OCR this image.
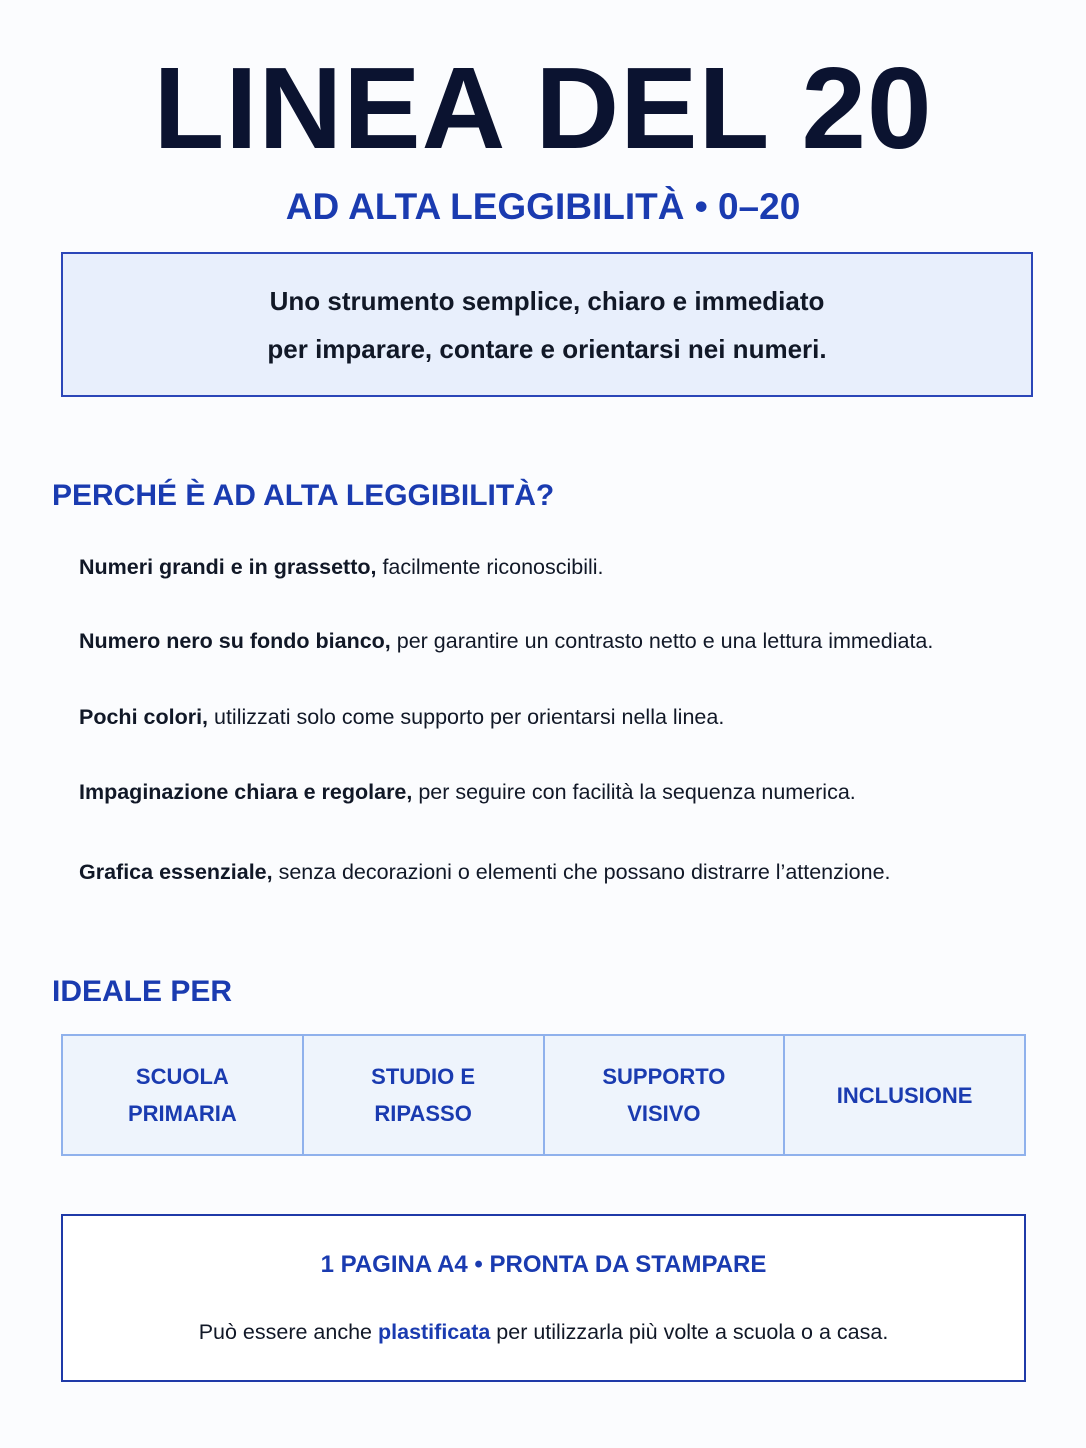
LINEA DEL 20
AD ALTA LEGGIBILITÀ • 0–20

Uno strumento semplice, chiaro e immediato

per imparare, contare e orientarsi nei numeri.

PERCHÉ È AD ALTA LEGGIBILITÀ?

Numeri grandi e in grassetto, facilmente riconoscibili.

Numero nero su fondo bianco, per garantire un contrasto netto e una lettura immediata.

Pochi colori, utilizzati solo come supporto per orientarsi nella linea.

Impaginazione chiara e regolare, per seguire con facilità la sequenza numerica.

Grafica essenziale, senza decorazioni o elementi che possano distrarre l’attenzione.

IDEALE PER
SCUOLA
PRIMARIA
STUDIO E
RIPASSO
SUPPORTO
VISIVO
INCLUSIONE
1 PAGINA A4 • PRONTA DA STAMPARE
Può essere anche plastificata per utilizzarla più volte a scuola o a casa.
